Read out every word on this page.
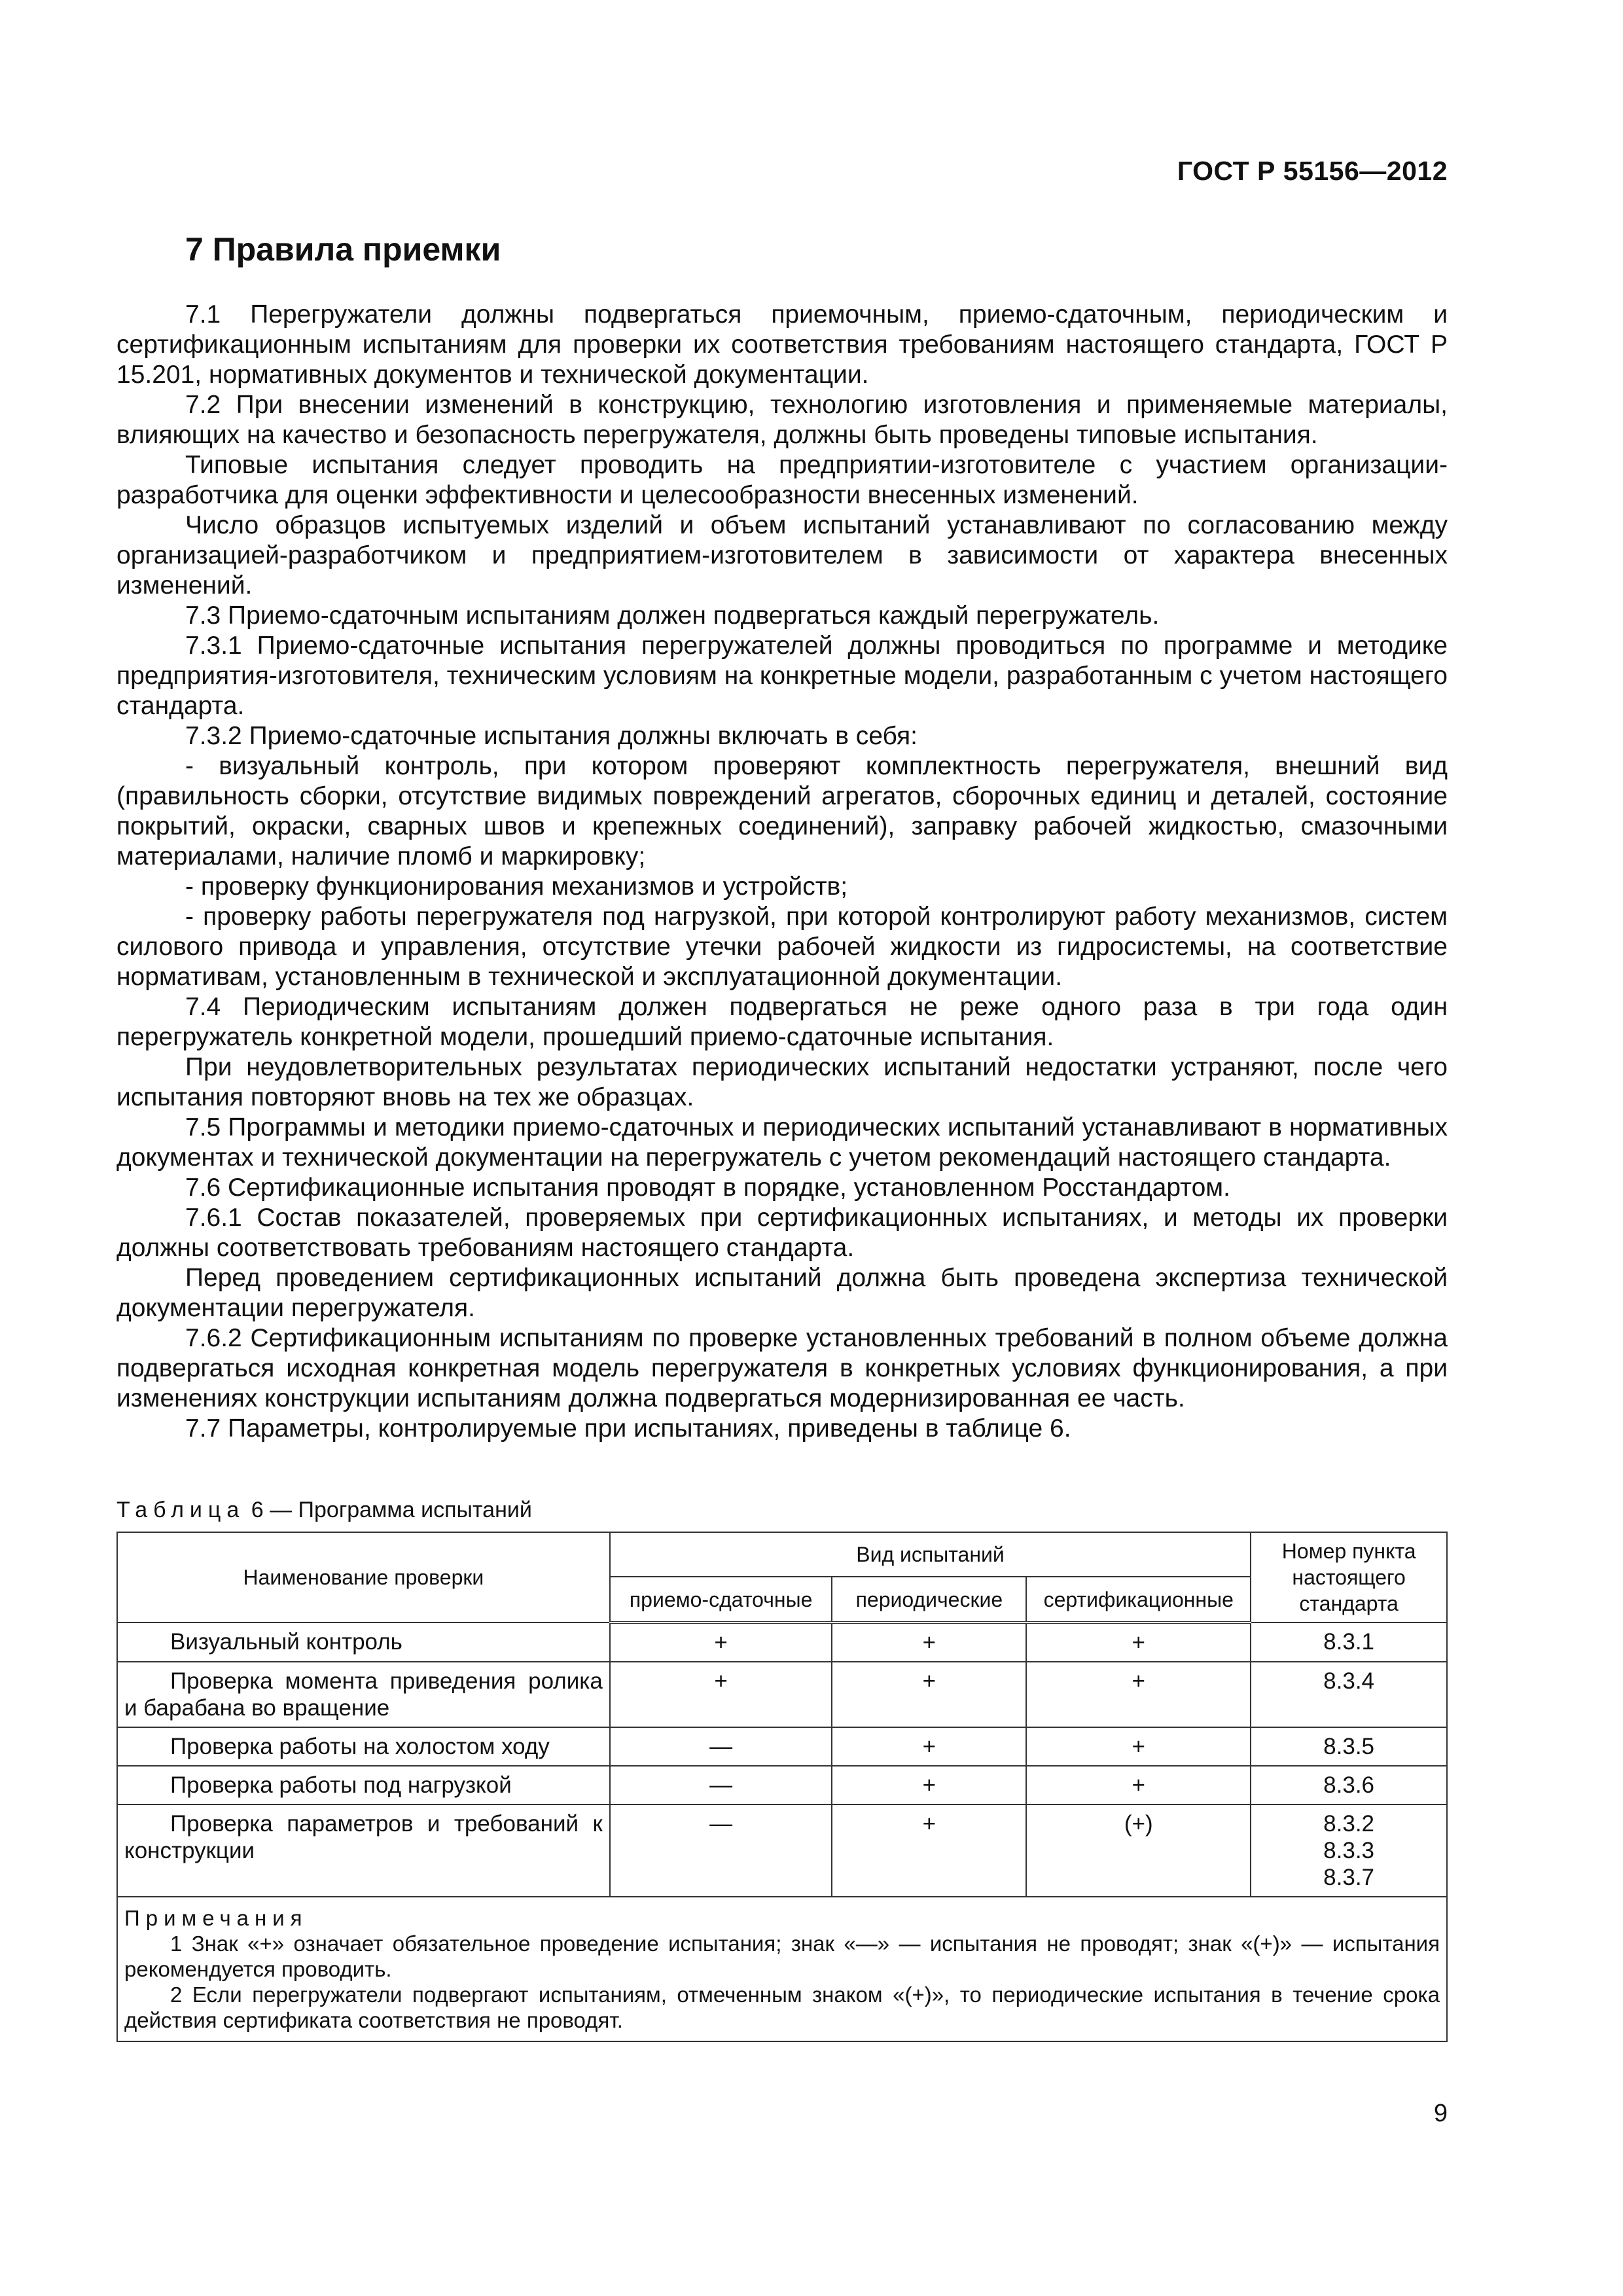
ГОСТ Р 55156—2012
7 Правила приемки

7.1 Перегружатели должны подвергаться приемочным, приемо-сдаточным, периодическим и сертификационным испытаниям для проверки их соответствия требованиям настоящего стандарта, ГОСТ Р 15.201, нормативных документов и технической документации.

7.2 При внесении изменений в конструкцию, технологию изготовления и применяемые материалы, влияющих на качество и безопасность перегружателя, должны быть проведены типовые испытания.

Типовые испытания следует проводить на предприятии-изготовителе с участием организации-разработчика для оценки эффективности и целесообразности внесенных изменений.

Число образцов испытуемых изделий и объем испытаний устанавливают по согласованию между организацией-разработчиком и предприятием-изготовителем в зависимости от характера внесенных изменений.

7.3 Приемо-сдаточным испытаниям должен подвергаться каждый перегружатель.

7.3.1 Приемо-сдаточные испытания перегружателей должны проводиться по программе и методике предприятия-изготовителя, техническим условиям на конкретные модели, разработанным с учетом настоящего стандарта.

7.3.2 Приемо-сдаточные испытания должны включать в себя:

- визуальный контроль, при котором проверяют комплектность перегружателя, внешний вид (правильность сборки, отсутствие видимых повреждений агрегатов, сборочных единиц и деталей, состояние покрытий, окраски, сварных швов и крепежных соединений), заправку рабочей жидкостью, смазочными материалами, наличие пломб и маркировку;

- проверку функционирования механизмов и устройств;

- проверку работы перегружателя под нагрузкой, при которой контролируют работу механизмов, систем силового привода и управления, отсутствие утечки рабочей жидкости из гидросистемы, на соответствие нормативам, установленным в технической и эксплуатационной документации.

7.4 Периодическим испытаниям должен подвергаться не реже одного раза в три года один перегружатель конкретной модели, прошедший приемо-сдаточные испытания.

При неудовлетворительных результатах периодических испытаний недостатки устраняют, после чего испытания повторяют вновь на тех же образцах.

7.5 Программы и методики приемо-сдаточных и периодических испытаний устанавливают в нормативных документах и технической документации на перегружатель с учетом рекомендаций настоящего стандарта.

7.6 Сертификационные испытания проводят в порядке, установленном Росстандартом.

7.6.1 Состав показателей, проверяемых при сертификационных испытаниях, и методы их проверки должны соответствовать требованиям настоящего стандарта.

Перед проведением сертификационных испытаний должна быть проведена экспертиза технической документации перегружателя.

7.6.2 Сертификационным испытаниям по проверке установленных требований в полном объеме должна подвергаться исходная конкретная модель перегружателя в конкретных условиях функционирования, а при изменениях конструкции испытаниям должна подвергаться модернизированная ее часть.

7.7 Параметры, контролируемые при испытаниях, приведены в таблице 6.

Таблица 6 — Программа испытаний
Наименование проверки	Вид испытаний			Номер пункта настоящего стандарта
	приемо-сдаточные	периодические	сертификационные	
Визуальный контроль	+	+	+	8.3.1
Проверка момента приведения ролика и барабана во вращение	+	+	+	8.3.4
Проверка работы на холостом ходу	—	+	+	8.3.5
Проверка работы под нагрузкой	—	+	+	8.3.6
Проверка параметров и требований к конструкции	—	+	(+)	8.3.2
8.3.3
8.3.7

Примечания

1 Знак «+» означает обязательное проведение испытания; знак «—» — испытания не проводят; знак «(+)» — испытания рекомендуется проводить.

2 Если перегружатели подвергают испытаниям, отмеченным знаком «(+)», то периодические испытания в течение срока действия сертификата соответствия не проводят.				

9
